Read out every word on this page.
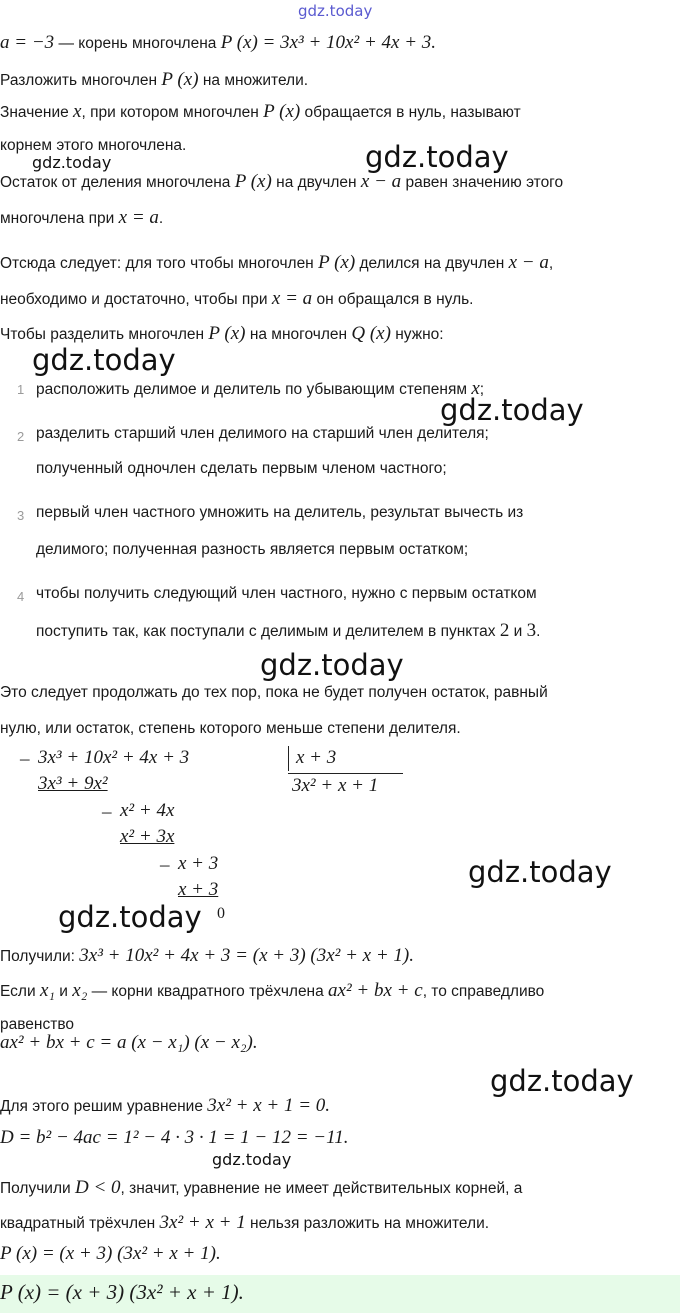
gdz.today
gdz.today	gdz.today
gdz.today
gdz.today
gdz.today
gdz.today
gdz.today
gdz.today
gdz.today
a = −3 — корень многочлена P (x) = 3x³ + 10x² + 4x + 3.
Разложить многочлен P (x) на множители.
Значение x, при котором многочлен P (x) обращается в нуль, называют
корнем этого многочлена.
Остаток от деления многочлена P (x) на двучлен x − a равен значению этого
многочлена при x = a.
Отсюда следует: для того чтобы многочлен P (x) делился на двучлен x − a,
необходимо и достаточно, чтобы при x = a он обращался в нуль.
Чтобы разделить многочлен P (x) на многочлен Q (x) нужно:
1 расположить делимое и делитель по убывающим степеням x;
2 разделить старший член делимого на старший член делителя;
полученный одночлен сделать первым членом частного;
3 первый член частного умножить на делитель, результат вычесть из
делимого; полученная разность является первым остатком;
4 чтобы получить следующий член частного, нужно с первым остатком
поступить так, как поступали с делимым и делителем в пунктах 2 и 3.
Это следует продолжать до тех пор, пока не будет получен остаток, равный
нулю, или остаток, степень которого меньше степени делителя.
_ 3x³ + 10x² + 4x + 3
3x³ + 9x²
_ x² + 4x
x² + 3x
_ x + 3
x + 3
0
x + 3
3x² + x + 1
Получили: 3x³ + 10x² + 4x + 3 = (x + 3) (3x² + x + 1).
Если x₁ и x₂ — корни квадратного трёхчлена ax² + bx + c, то справедливо
равенство
ax² + bx + c = a (x − x₁) (x − x₂).
Для этого решим уравнение 3x² + x + 1 = 0.
D = b² − 4ac = 1² − 4 · 3 · 1 = 1 − 12 = −11.
Получили D < 0, значит, уравнение не имеет действительных корней, а
квадратный трёхчлен 3x² + x + 1 нельзя разложить на множители.
P (x) = (x + 3) (3x² + x + 1).
P (x) = (x + 3) (3x² + x + 1).
